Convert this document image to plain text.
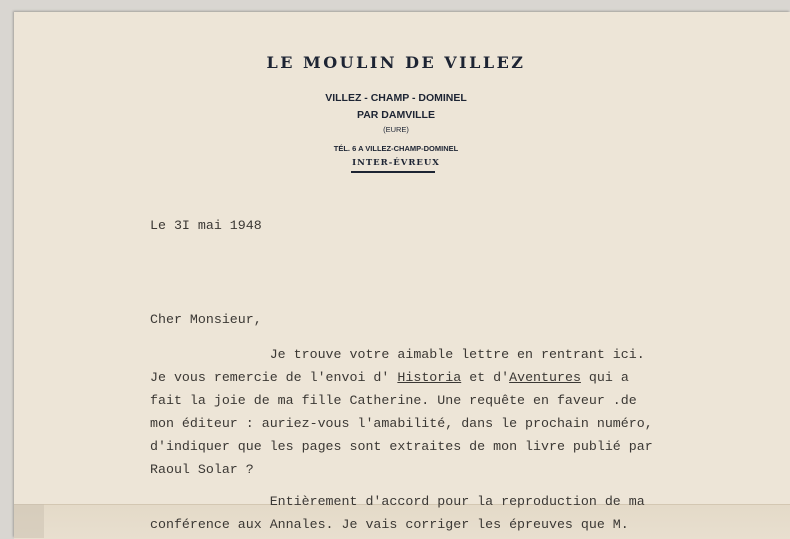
LE MOULIN DE VILLEZ
VILLEZ - CHAMP - DOMINEL
PAR DAMVILLE
(EURE)
TÉL. 6 A VILLEZ-CHAMP-DOMINEL
INTER-ÉVREUX
Le 3I mai 1948
Cher Monsieur,
Je trouve votre aimable lettre en rentrant ici.
Je vous remercie de l'envoi d' Historia et d'Aventures qui a
fait la joie de ma fille Catherine. Une requête en faveur .de
mon éditeur : auriez-vous l'amabilité, dans le prochain numéro,
d'indiquer que les pages sont extraites de mon livre publié par
Raoul Solar ?
Entièrement d'accord pour la reproduction de ma
conférence aux Annales. Je vais corriger les épreuves que M.
